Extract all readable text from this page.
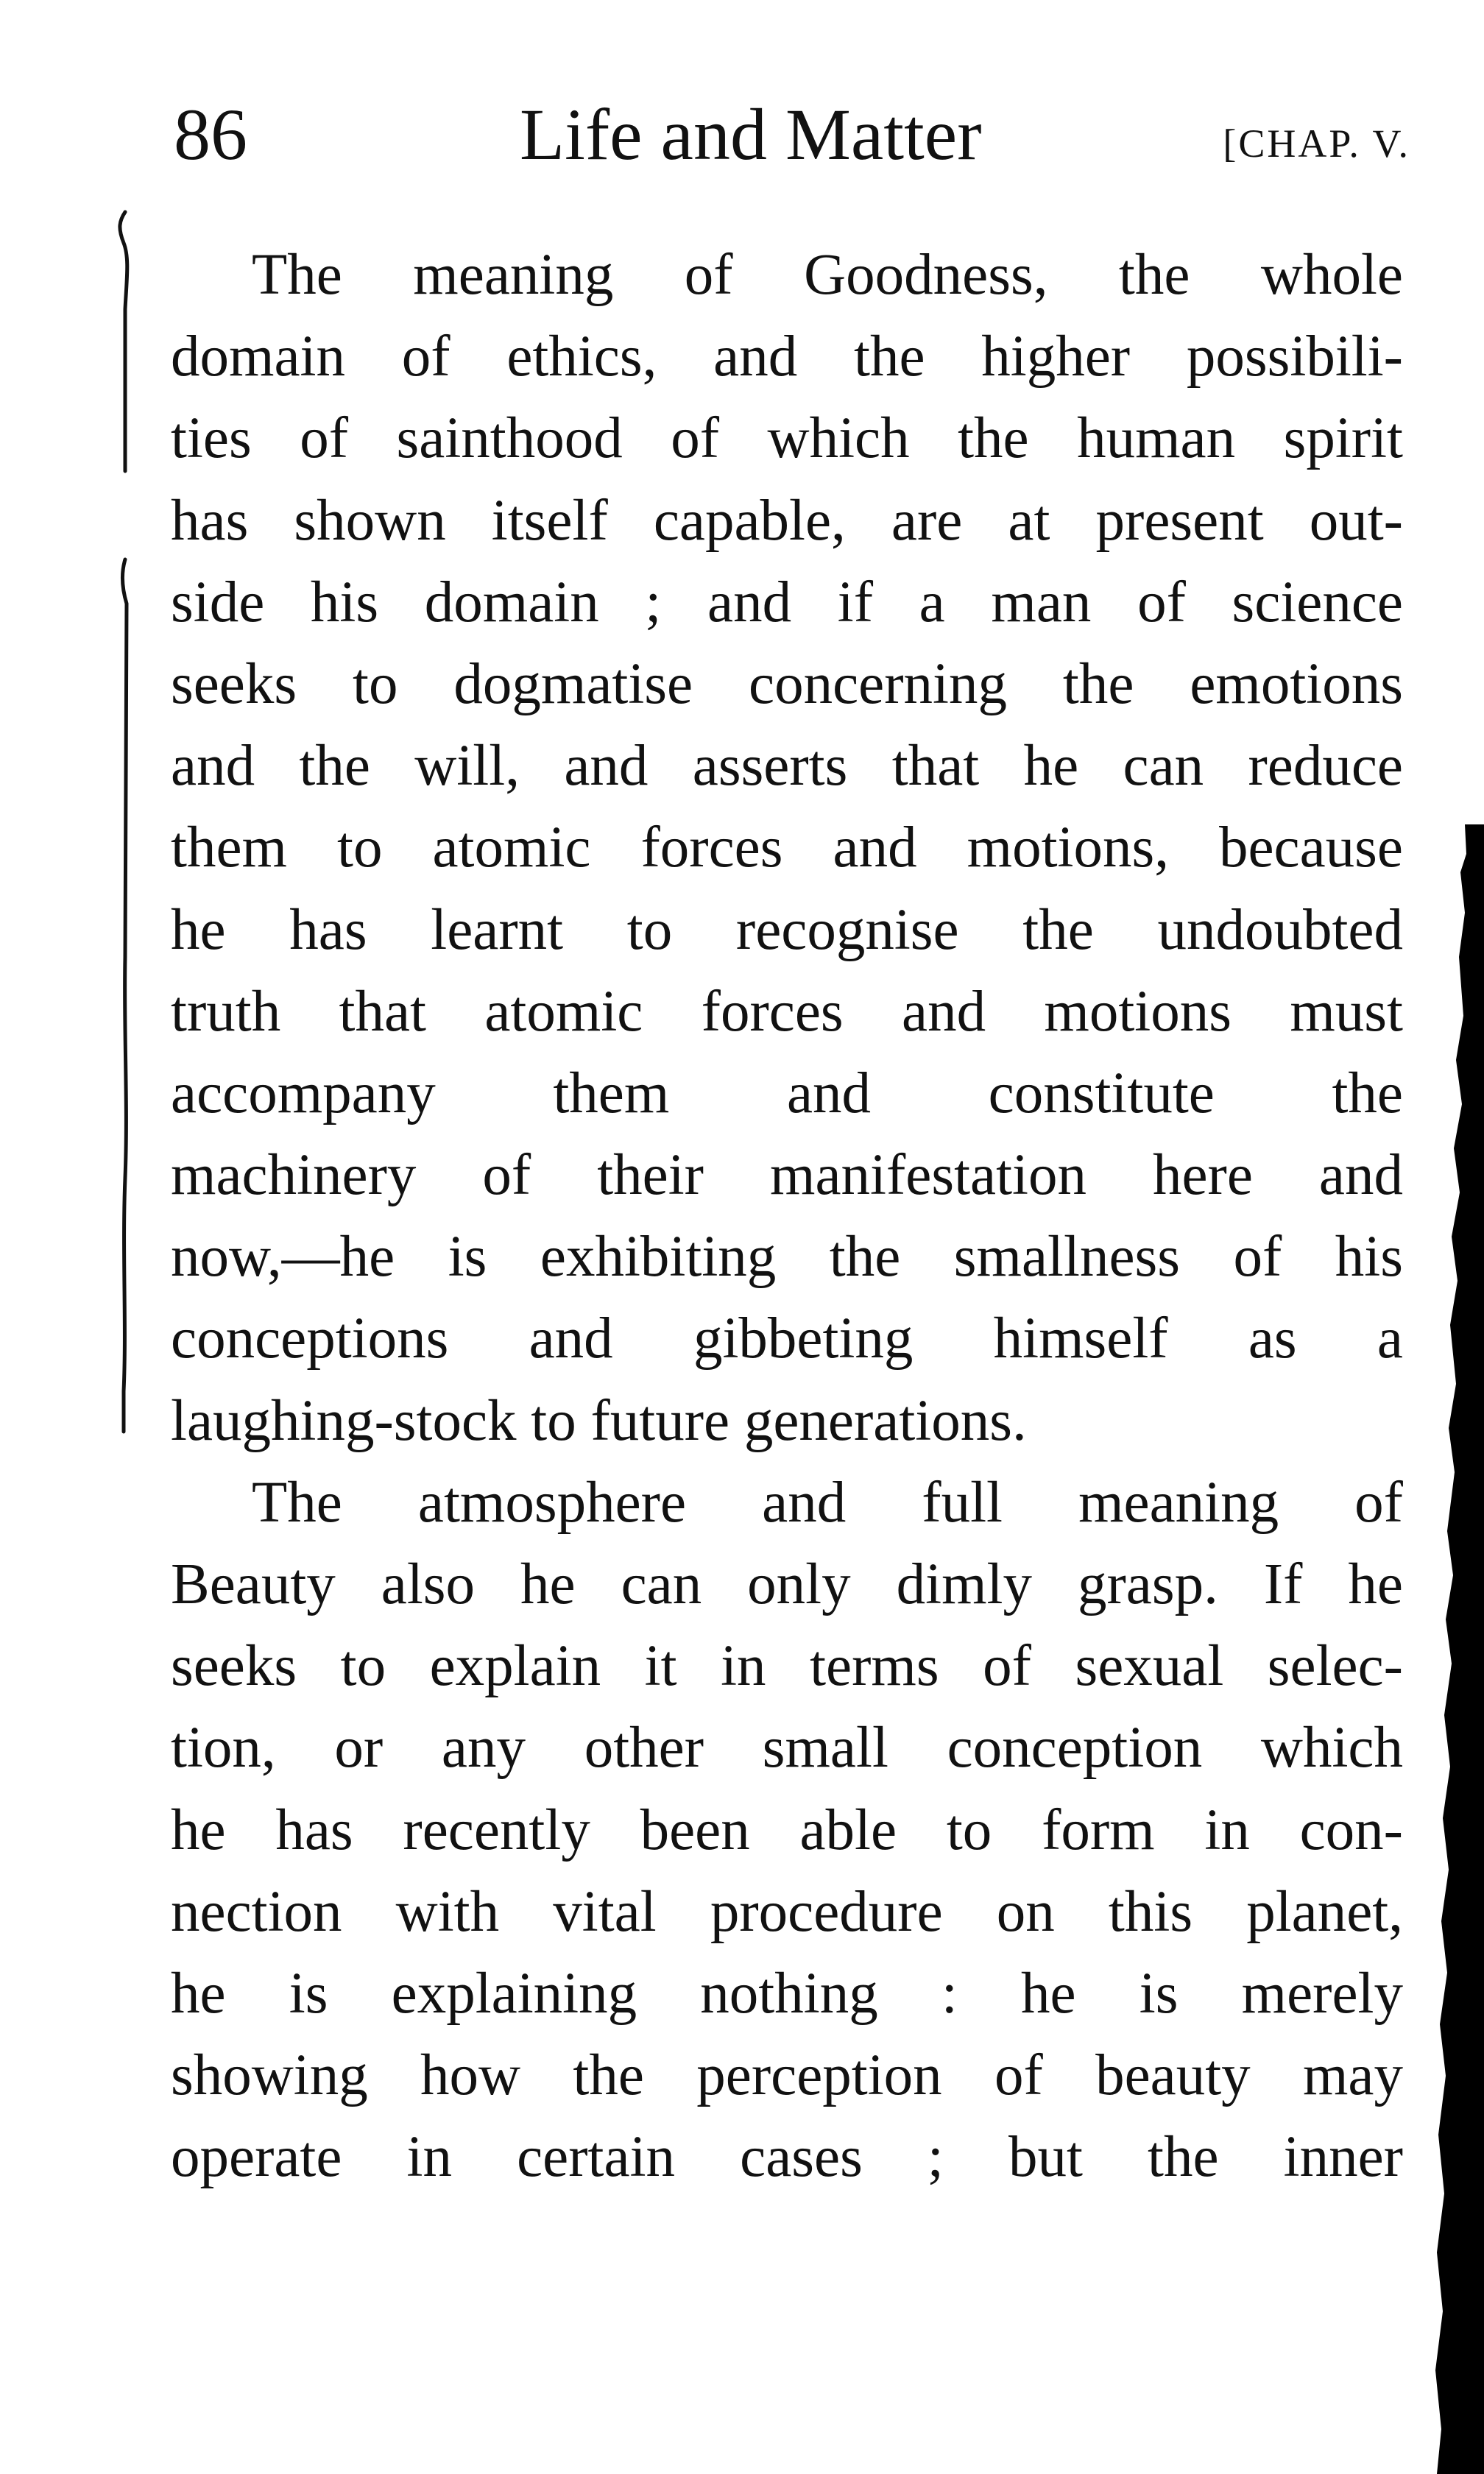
86	Life and Matter	[CHAP. V.
The meaning of Goodness, the whole
domain of ethics, and the higher possibili-
ties of sainthood of which the human spirit
has shown itself capable, are at present out-
side his domain ; and if a man of science
seeks to dogmatise concerning the emotions
and the will, and asserts that he can reduce
them to atomic forces and motions, because
he has learnt to recognise the undoubted
truth that atomic forces and motions must
accompany them and constitute the
machinery of their manifestation here and
now,—he is exhibiting the smallness of his
conceptions and gibbeting himself as a
laughing-stock to future generations.
The atmosphere and full meaning of
Beauty also he can only dimly grasp. If he
seeks to explain it in terms of sexual selec-
tion, or any other small conception which
he has recently been able to form in con-
nection with vital procedure on this planet,
he is explaining nothing : he is merely
showing how the perception of beauty may
operate in certain cases ; but the inner
